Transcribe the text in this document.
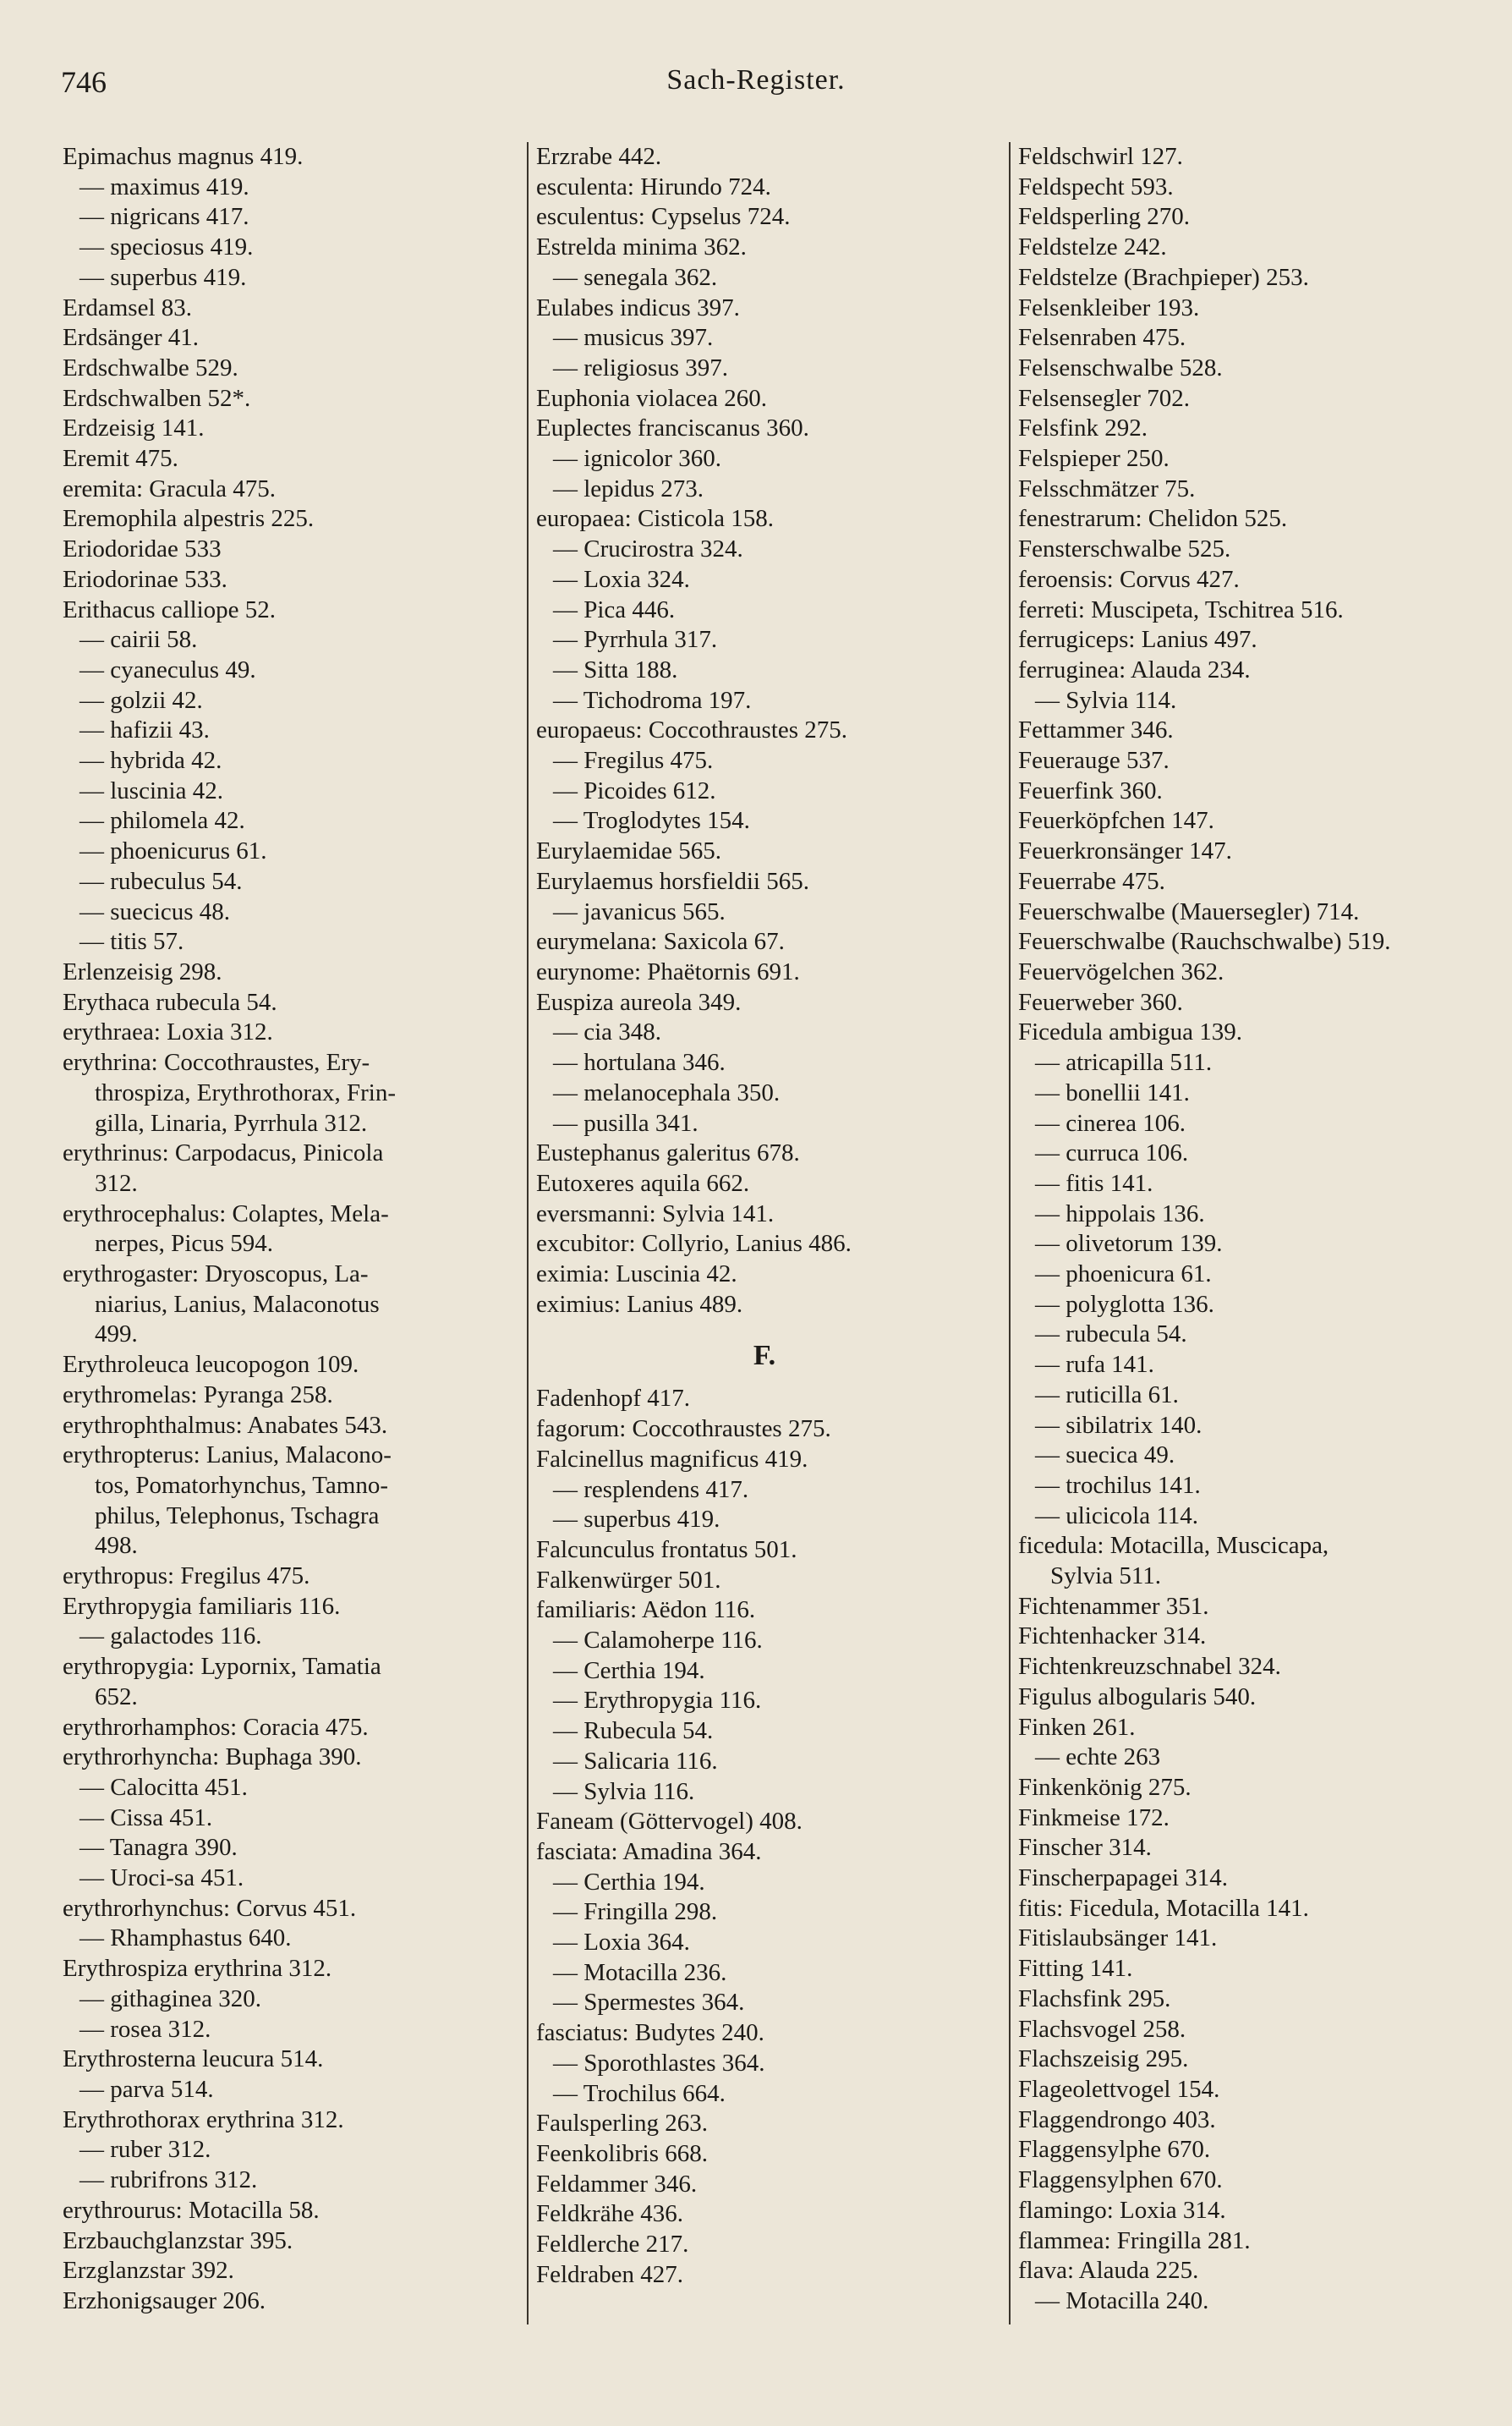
746	Sach-Register.
Epimachus magnus 419.
— maximus 419.
— nigricans 417.
— speciosus 419.
— superbus 419.
Erdamsel 83.
Erdsänger 41.
Erdschwalbe 529.
Erdschwalben 52*.
Erdzeisig 141.
Eremit 475.
eremita: Gracula 475.
Eremophila alpestris 225.
Eriodoridae 533
Eriodorinae 533.
Erithacus calliope 52.
— cairii 58.
— cyaneculus 49.
— golzii 42.
— hafizii 43.
— hybrida 42.
— luscinia 42.
— philomela 42.
— phoenicurus 61.
— rubeculus 54.
— suecicus 48.
— titis 57.
Erlenzeisig 298.
Erythaca rubecula 54.
erythraea: Loxia 312.
erythrina: Coccothraustes, Ery-
throspiza, Erythrothorax, Frin-
gilla, Linaria, Pyrrhula 312.
erythrinus: Carpodacus, Pinicola
312.
erythrocephalus: Colaptes, Mela-
nerpes, Picus 594.
erythrogaster: Dryoscopus, La-
niarius, Lanius, Malaconotus
499.
Erythroleuca leucopogon 109.
erythromelas: Pyranga 258.
erythrophthalmus: Anabates 543.
erythropterus: Lanius, Malacono-
tos, Pomatorhynchus, Tamno-
philus, Telephonus, Tschagra
498.
erythropus: Fregilus 475.
Erythropygia familiaris 116.
— galactodes 116.
erythropygia: Lypornix, Tamatia
652.
erythrorhamphos: Coracia 475.
erythrorhyncha: Buphaga 390.
— Calocitta 451.
— Cissa 451.
— Tanagra 390.
— Uroci-sa 451.
erythrorhynchus: Corvus 451.
— Rhamphastus 640.
Erythrospiza erythrina 312.
— githaginea 320.
— rosea 312.
Erythrosterna leucura 514.
— parva 514.
Erythrothorax erythrina 312.
— ruber 312.
— rubrifrons 312.
erythrourus: Motacilla 58.
Erzbauchglanzstar 395.
Erzglanzstar 392.
Erzhonigsauger 206.
Erzrabe 442.
esculenta: Hirundo 724.
esculentus: Cypselus 724.
Estrelda minima 362.
— senegala 362.
Eulabes indicus 397.
— musicus 397.
— religiosus 397.
Euphonia violacea 260.
Euplectes franciscanus 360.
— ignicolor 360.
— lepidus 273.
europaea: Cisticola 158.
— Crucirostra 324.
— Loxia 324.
— Pica 446.
— Pyrrhula 317.
— Sitta 188.
— Tichodroma 197.
europaeus: Coccothraustes 275.
— Fregilus 475.
— Picoides 612.
— Troglodytes 154.
Eurylaemidae 565.
Eurylaemus horsfieldii 565.
— javanicus 565.
eurymelana: Saxicola 67.
eurynome: Phaëtornis 691.
Euspiza aureola 349.
— cia 348.
— hortulana 346.
— melanocephala 350.
— pusilla 341.
Eustephanus galeritus 678.
Eutoxeres aquila 662.
eversmanni: Sylvia 141.
excubitor: Collyrio, Lanius 486.
eximia: Luscinia 42.
eximius: Lanius 489.
F.
Fadenhopf 417.
fagorum: Coccothraustes 275.
Falcinellus magnificus 419.
— resplendens 417.
— superbus 419.
Falcunculus frontatus 501.
Falkenwürger 501.
familiaris: Aëdon 116.
— Calamoherpe 116.
— Certhia 194.
— Erythropygia 116.
— Rubecula 54.
— Salicaria 116.
— Sylvia 116.
Faneam (Göttervogel) 408.
fasciata: Amadina 364.
— Certhia 194.
— Fringilla 298.
— Loxia 364.
— Motacilla 236.
— Spermestes 364.
fasciatus: Budytes 240.
— Sporothlastes 364.
— Trochilus 664.
Faulsperling 263.
Feenkolibris 668.
Feldammer 346.
Feldkrähe 436.
Feldlerche 217.
Feldraben 427.
Feldschwirl 127.
Feldspecht 593.
Feldsperling 270.
Feldstelze 242.
Feldstelze (Brachpieper) 253.
Felsenkleiber 193.
Felsenraben 475.
Felsenschwalbe 528.
Felsensegler 702.
Felsfink 292.
Felspieper 250.
Felsschmätzer 75.
fenestrarum: Chelidon 525.
Fensterschwalbe 525.
feroensis: Corvus 427.
ferreti: Muscipeta, Tschitrea 516.
ferrugiceps: Lanius 497.
ferruginea: Alauda 234.
— Sylvia 114.
Fettammer 346.
Feuerauge 537.
Feuerfink 360.
Feuerköpfchen 147.
Feuerkronsänger 147.
Feuerrabe 475.
Feuerschwalbe (Mauersegler) 714.
Feuerschwalbe (Rauchschwalbe) 519.
Feuervögelchen 362.
Feuerweber 360.
Ficedula ambigua 139.
— atricapilla 511.
— bonellii 141.
— cinerea 106.
— curruca 106.
— fitis 141.
— hippolais 136.
— olivetorum 139.
— phoenicura 61.
— polyglotta 136.
— rubecula 54.
— rufa 141.
— ruticilla 61.
— sibilatrix 140.
— suecica 49.
— trochilus 141.
— ulicicola 114.
ficedula: Motacilla, Muscicapa,
Sylvia 511.
Fichtenammer 351.
Fichtenhacker 314.
Fichtenkreuzschnabel 324.
Figulus albogularis 540.
Finken 261.
— echte 263
Finkenkönig 275.
Finkmeise 172.
Finscher 314.
Finscherpapagei 314.
fitis: Ficedula, Motacilla 141.
Fitislaubsänger 141.
Fitting 141.
Flachsfink 295.
Flachsvogel 258.
Flachszeisig 295.
Flageolettvogel 154.
Flaggendrongo 403.
Flaggensylphe 670.
Flaggensylphen 670.
flamingo: Loxia 314.
flammea: Fringilla 281.
flava: Alauda 225.
— Motacilla 240.
